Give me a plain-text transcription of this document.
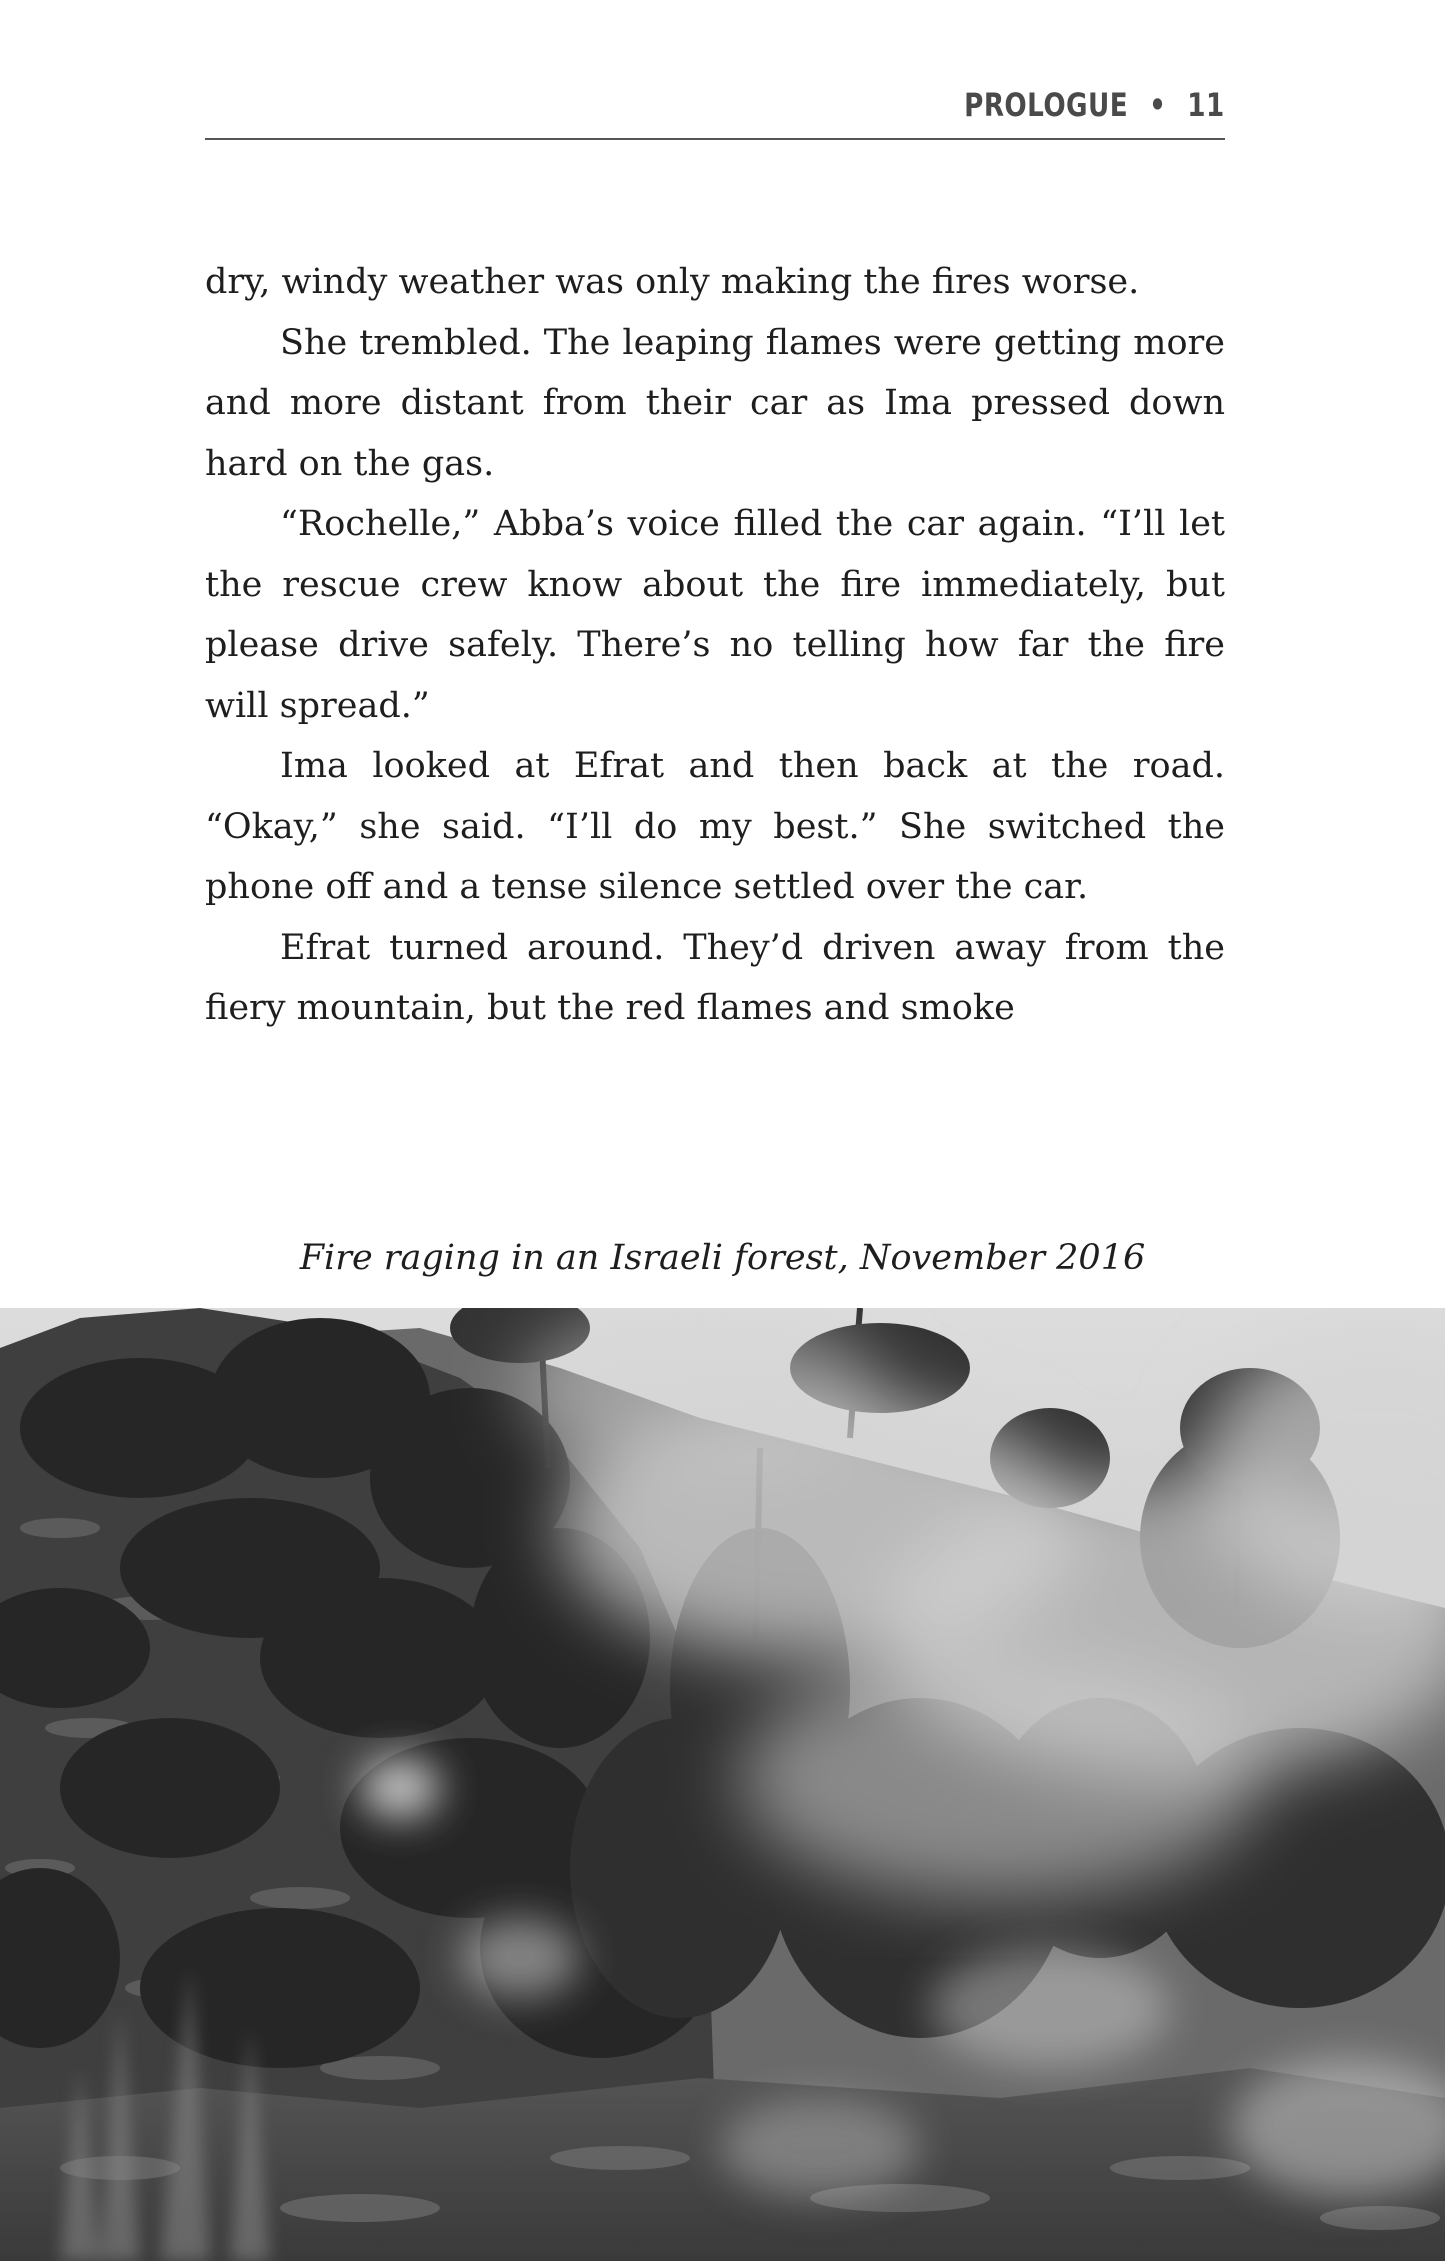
PROLOGUE • 11

dry, windy weather was only making the fires worse.

She trembled. The leaping flames were getting more and more distant from their car as Ima pressed down hard on the gas.

“Rochelle,” Abba’s voice filled the car again. “I’ll let the rescue crew know about the fire immediately, but please drive safely. There’s no telling how far the fire will spread.”

Ima looked at Efrat and then back at the road. “Okay,” she said. “I’ll do my best.” She switched the phone off and a tense silence settled over the car.

Efrat turned around. They’d driven away from the fiery mountain, but the red flames and smoke

Fire raging in an Israeli forest, November 2016
